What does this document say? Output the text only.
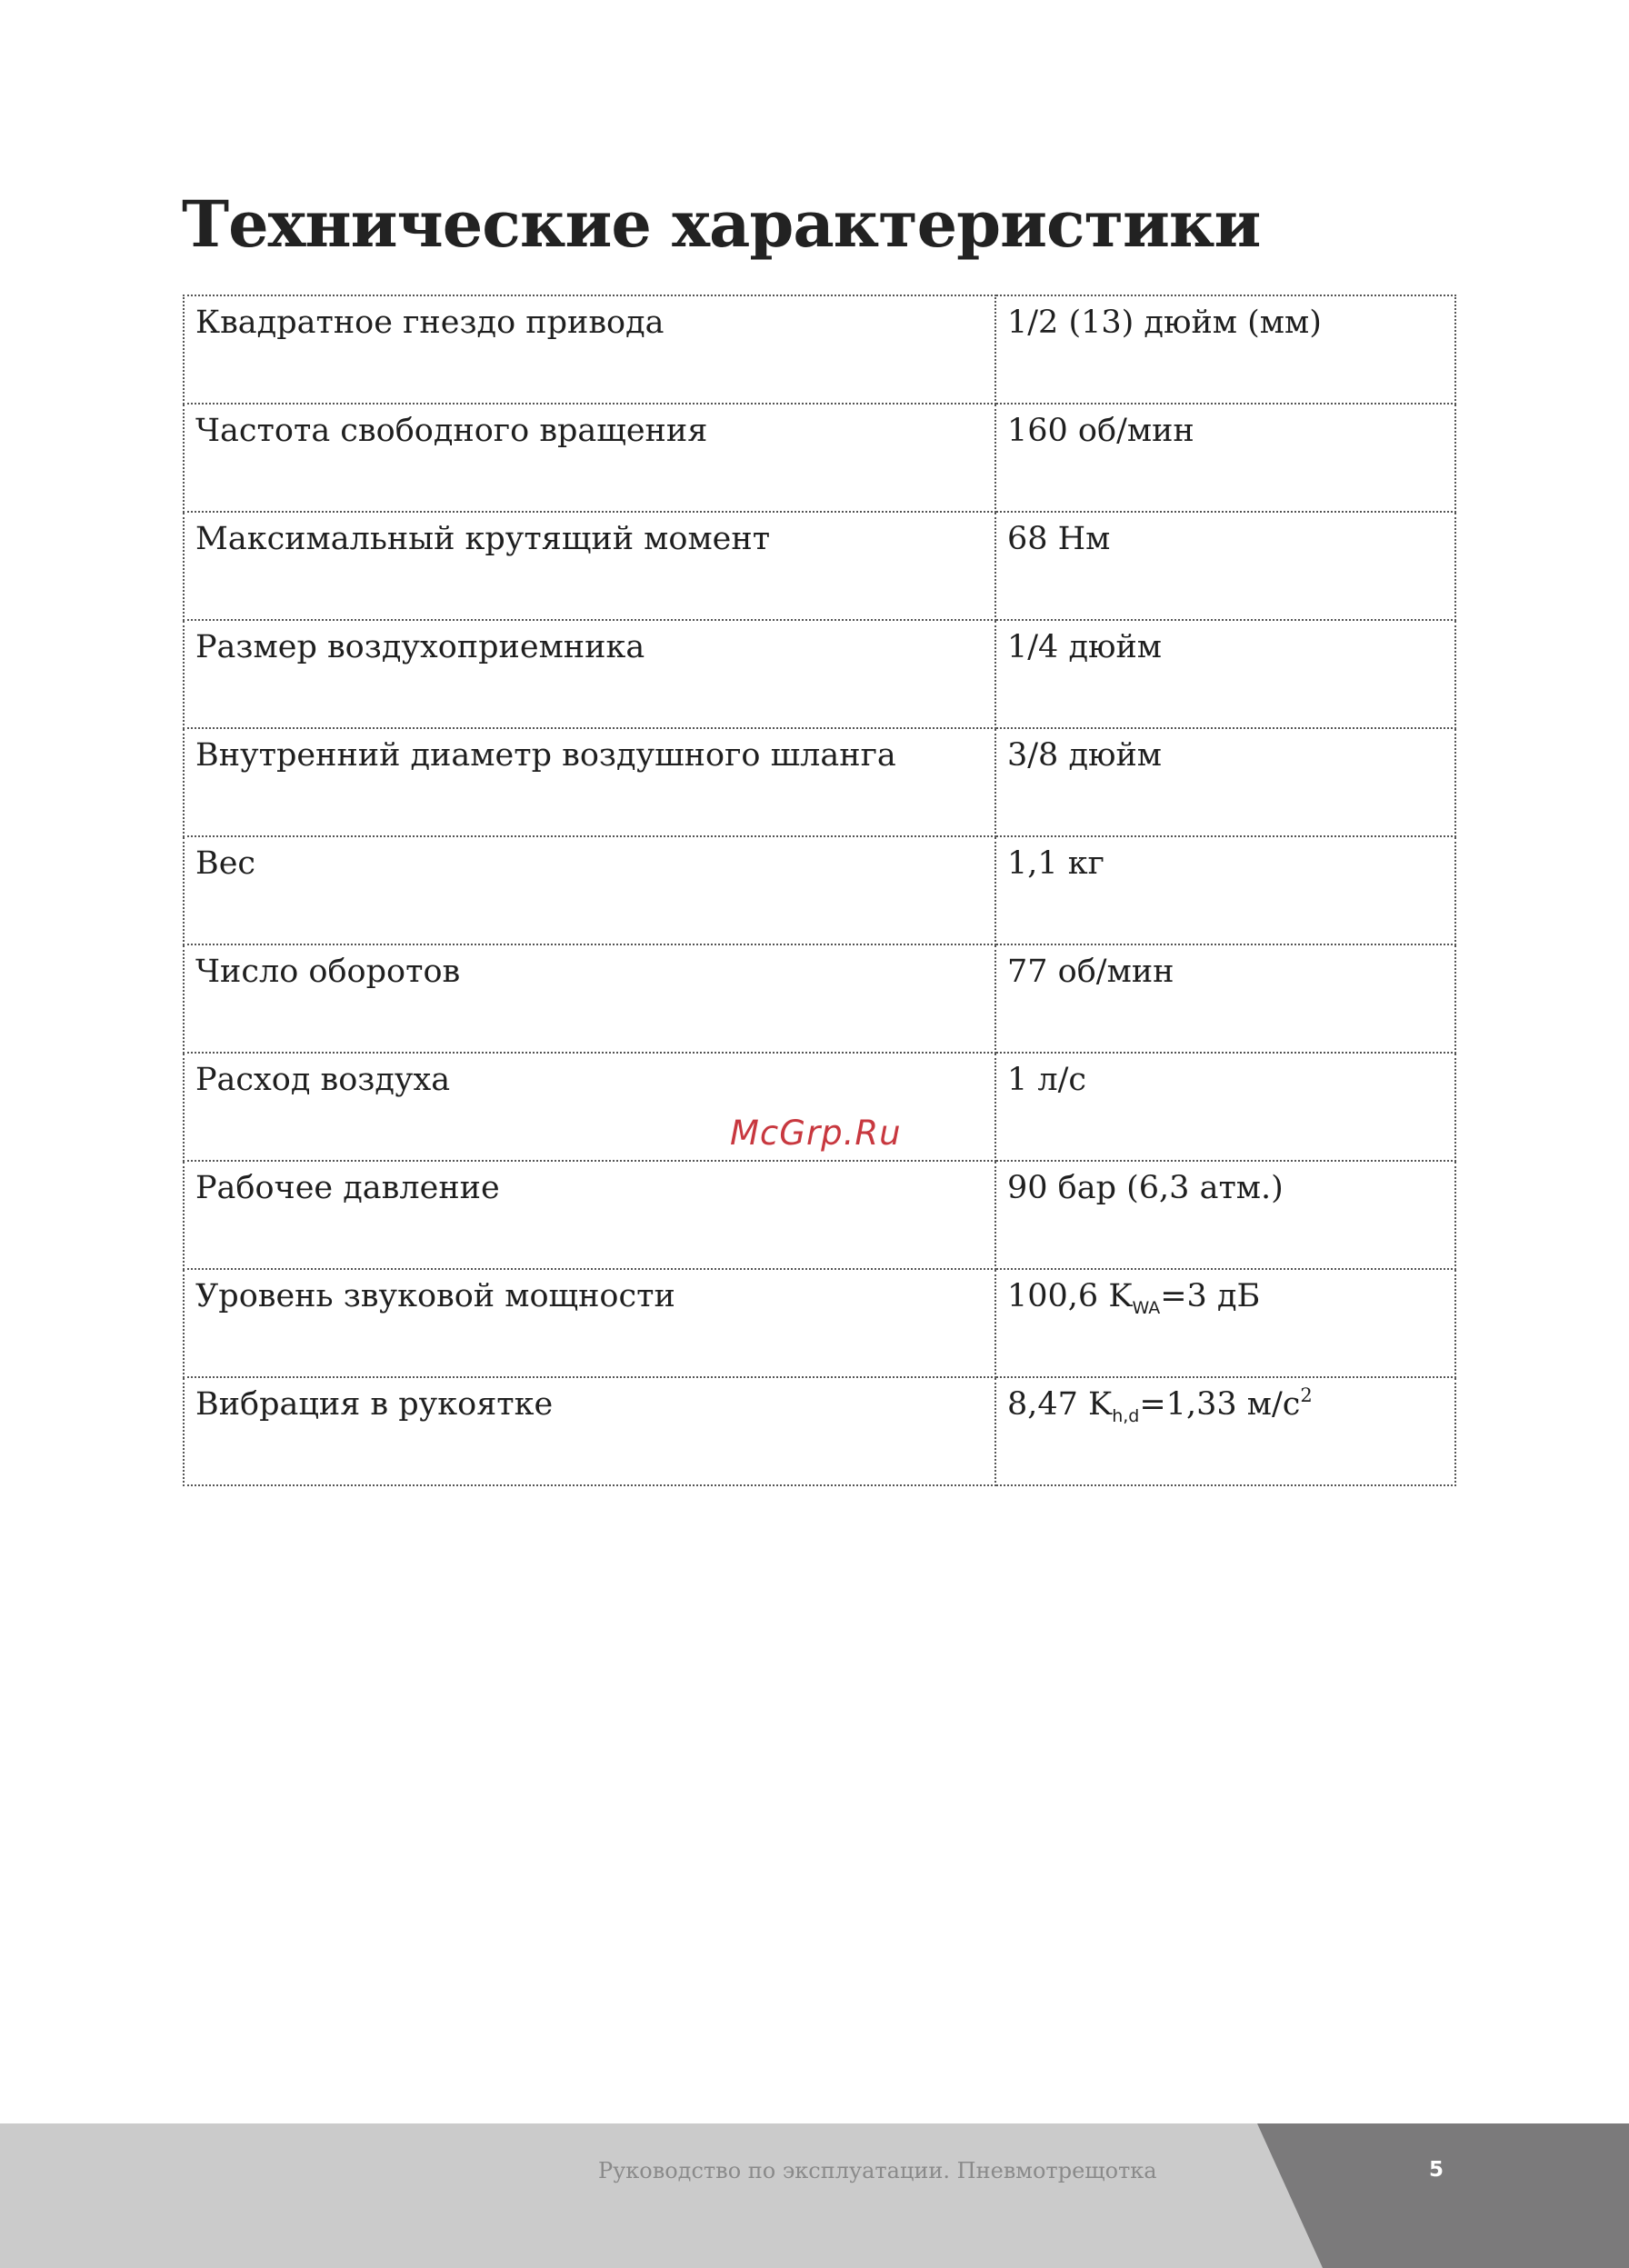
Технические характеристики
Квадратное гнездо привода	1/2 (13) дюйм (мм)
Частота свободного вращения	160 об/мин
Максимальный крутящий момент	68 Нм
Размер воздухоприемника	1/4 дюйм
Внутренний диаметр воздушного шланга	3/8 дюйм
Вес	1,1 кг
Число оборотов	77 об/мин
Расход воздуха	1 л/с
Рабочее давление	90 бар (6,3 атм.)
Уровень звуковой мощности	100,6 $K_{WA}=3$ дБ
Вибрация в рукоятке	8,47 $K_{h,d}=1,33$ $м/с^2$
McGrp.Ru
Руководство по эксплуатации. Пневмотрещотка	5
